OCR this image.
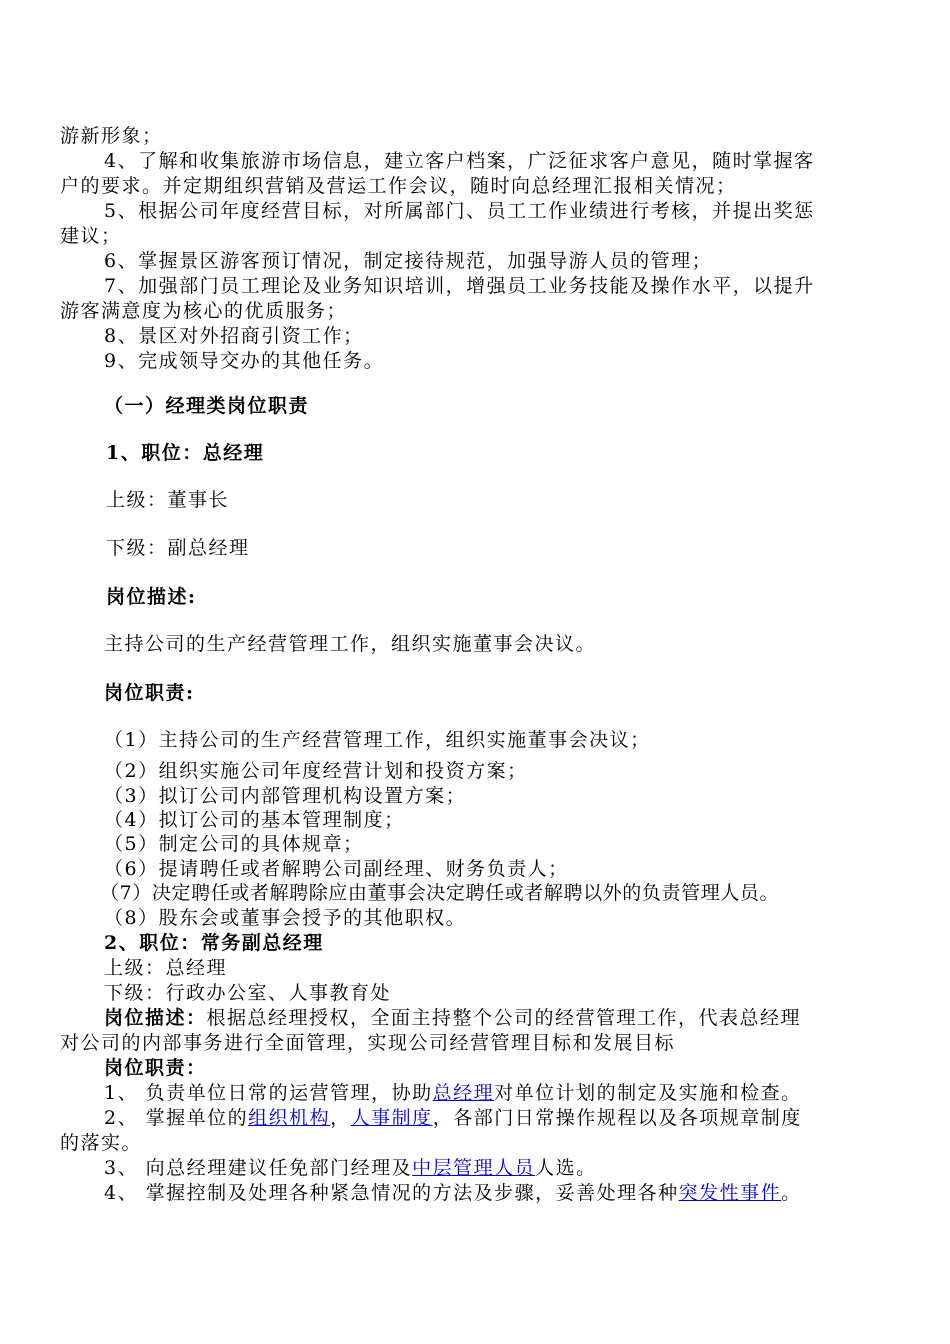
游新形象；
4、了解和收集旅游市场信息，建立客户档案，广泛征求客户意见，随时掌握客
户的要求。并定期组织营销及营运工作会议，随时向总经理汇报相关情况；
5、根据公司年度经营目标，对所属部门、员工工作业绩进行考核，并提出奖惩
建议；
6、掌握景区游客预订情况，制定接待规范，加强导游人员的管理；
7、加强部门员工理论及业务知识培训，增强员工业务技能及操作水平，以提升
游客满意度为核心的优质服务；
8、景区对外招商引资工作；
9、完成领导交办的其他任务。
（一）经理类岗位职责
1、职位：总经理
上级：董事长
下级：副总经理
岗位描述:
主持公司的生产经营管理工作，组织实施董事会决议。
岗位职责:
（1）主持公司的生产经营管理工作，组织实施董事会决议；
（2）组织实施公司年度经营计划和投资方案；
（3）拟订公司内部管理机构设置方案；
（4）拟订公司的基本管理制度；
（5）制定公司的具体规章；
（6）提请聘任或者解聘公司副经理、财务负责人；
（7）决定聘任或者解聘除应由董事会决定聘任或者解聘以外的负责管理人员。
（8）股东会或董事会授予的其他职权。
2、职位：常务副总经理
上级：总经理
下级：行政办公室、人事教育处
岗位描述：根据总经理授权，全面主持整个公司的经营管理工作，代表总经理
对公司的内部事务进行全面管理，实现公司经营管理目标和发展目标
岗位职责：
1、 负责单位日常的运营管理，协助总经理对单位计划的制定及实施和检查。
2、 掌握单位的组织机构，人事制度，各部门日常操作规程以及各项规章制度
的落实。
3、 向总经理建议任免部门经理及中层管理人员人选。
4、 掌握控制及处理各种紧急情况的方法及步骤，妥善处理各种突发性事件。
